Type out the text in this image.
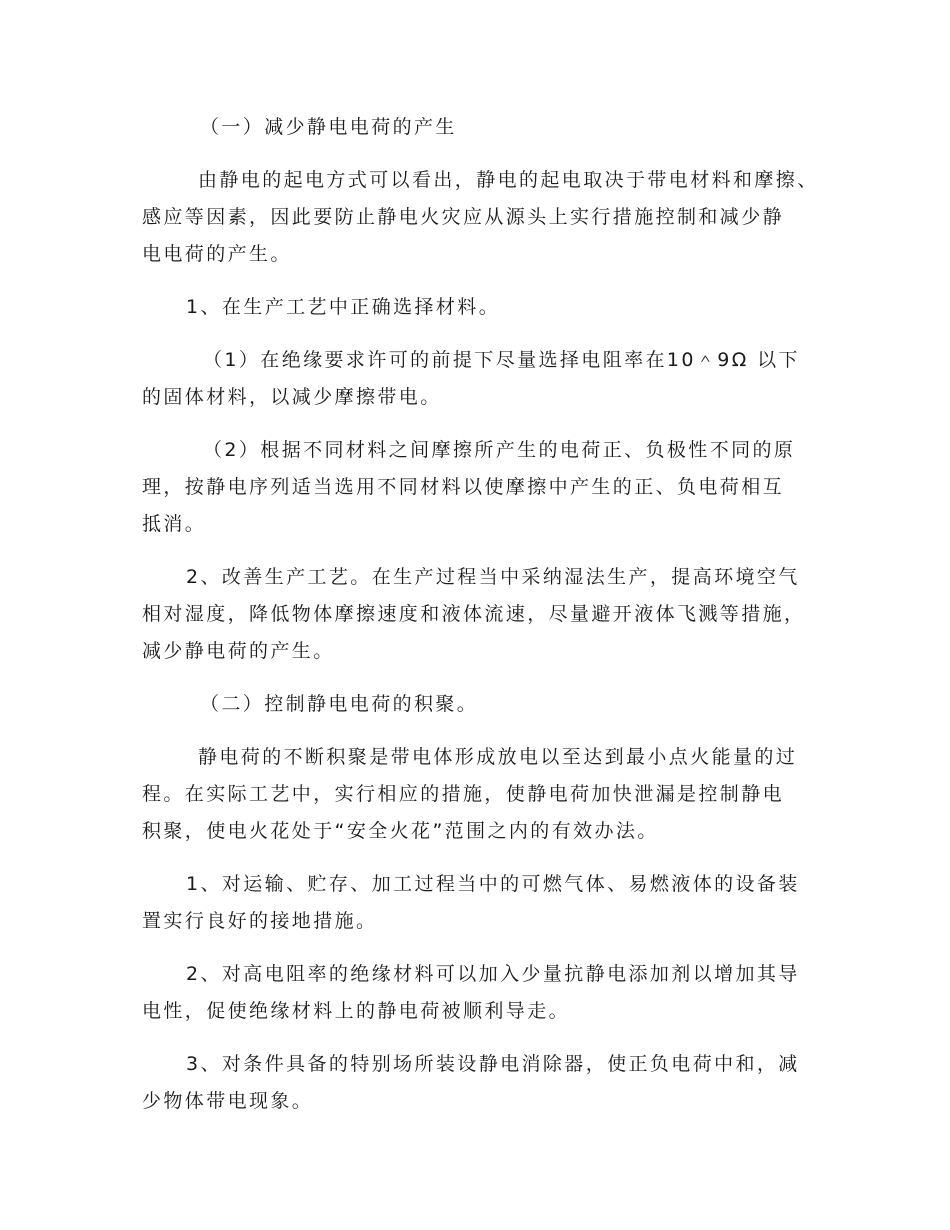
（一）减少静电电荷的产生
由静电的起电方式可以看出，静电的起电取决于带电材料和摩擦、
感应等因素，因此要防止静电火灾应从源头上实行措施控制和减少静
电电荷的产生。
1、在生产工艺中正确选择材料。
（1）在绝缘要求许可的前提下尽量选择电阻率在10＾9Ω 以下
的固体材料，以减少摩擦带电。
（2）根据不同材料之间摩擦所产生的电荷正、负极性不同的原
理，按静电序列适当选用不同材料以使摩擦中产生的正、负电荷相互
抵消。
2、改善生产工艺。在生产过程当中采纳湿法生产，提高环境空气
相对湿度，降低物体摩擦速度和液体流速，尽量避开液体飞溅等措施，
减少静电荷的产生。
（二）控制静电电荷的积聚。
静电荷的不断积聚是带电体形成放电以至达到最小点火能量的过
程。在实际工艺中，实行相应的措施，使静电荷加快泄漏是控制静电
积聚，使电火花处于“安全火花”范围之内的有效办法。
1、对运输、贮存、加工过程当中的可燃气体、易燃液体的设备装
置实行良好的接地措施。
2、对高电阻率的绝缘材料可以加入少量抗静电添加剂以增加其导
电性，促使绝缘材料上的静电荷被顺利导走。
3、对条件具备的特别场所装设静电消除器，使正负电荷中和，减
少物体带电现象。
